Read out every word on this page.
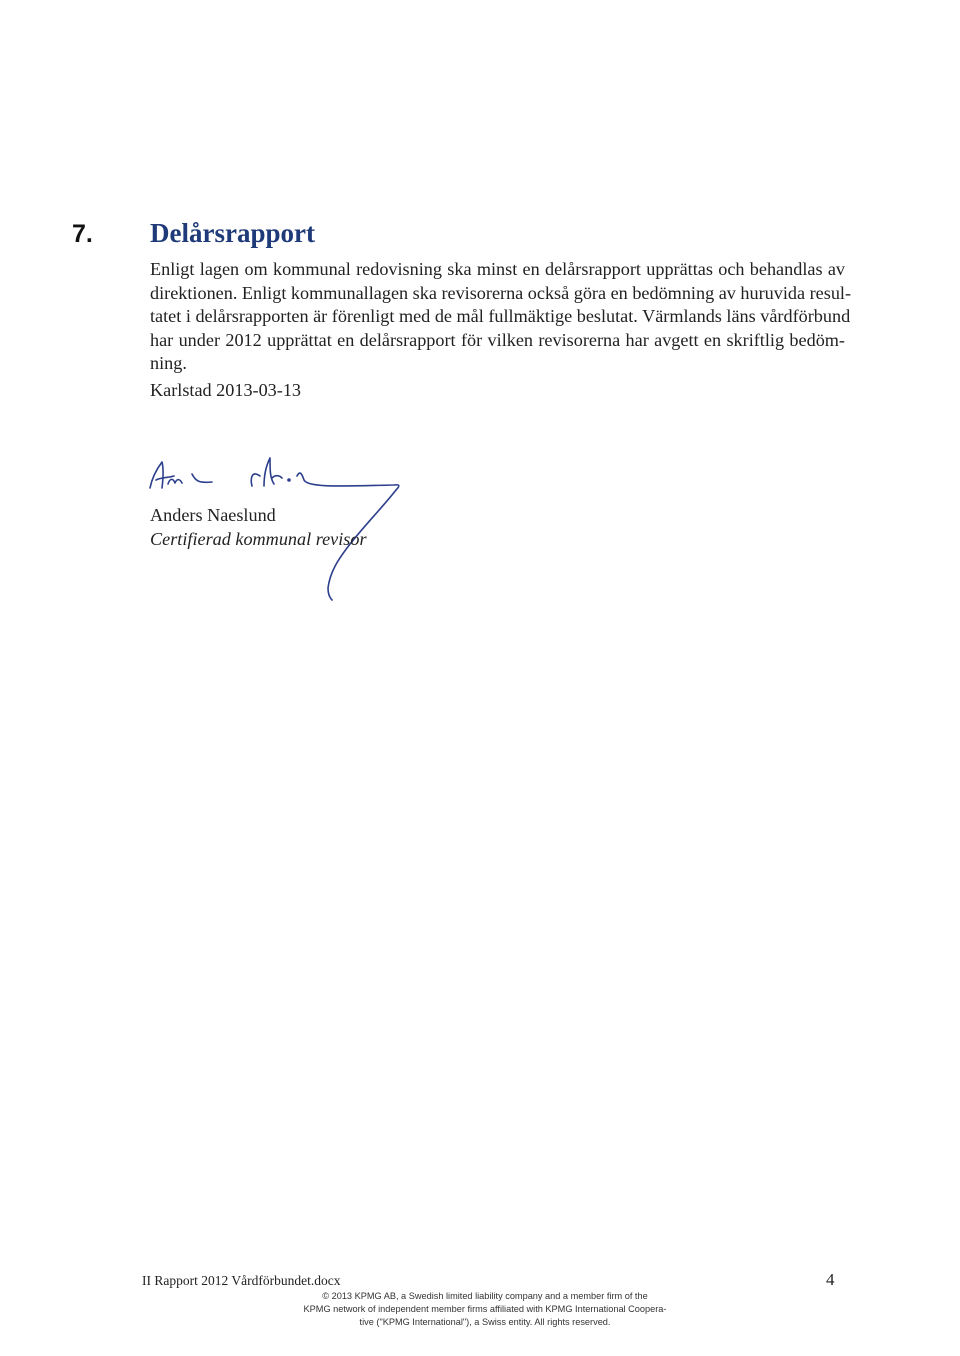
7.	Delårsrapport
Enligt lagen om kommunal redovisning ska minst en delårsrapport upprättas och behandlas av
direktionen. Enligt kommunallagen ska revisorerna också göra en bedömning av huruvida resul-
tatet i delårsrapporten är förenligt med de mål fullmäktige beslutat. Värmlands läns vårdförbund
har under 2012 upprättat en delårsrapport för vilken revisorerna har avgett en skriftlig bedöm-
ning.
Karlstad 2013-03-13
Anders Naeslund
Certifierad kommunal revisor
II Rapport 2012 Vårdförbundet.docx	4
© 2013 KPMG AB, a Swedish limited liability company and a member firm of the
KPMG network of independent member firms affiliated with KPMG International Coopera-
tive ("KPMG International"), a Swiss entity. All rights reserved.
